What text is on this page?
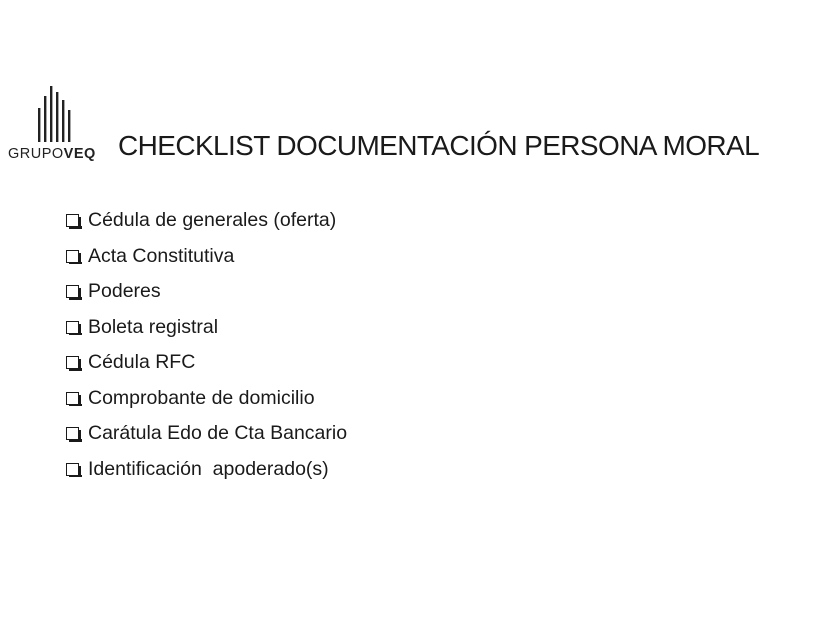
GRUPOVEQ CHECKLIST DOCUMENTACIÓN PERSONA MORAL
Cédula de generales (oferta)
Acta Constitutiva
Poderes
Boleta registral
Cédula RFC
Comprobante de domicilio
Carátula Edo de Cta Bancario
Identificación  apoderado(s)
